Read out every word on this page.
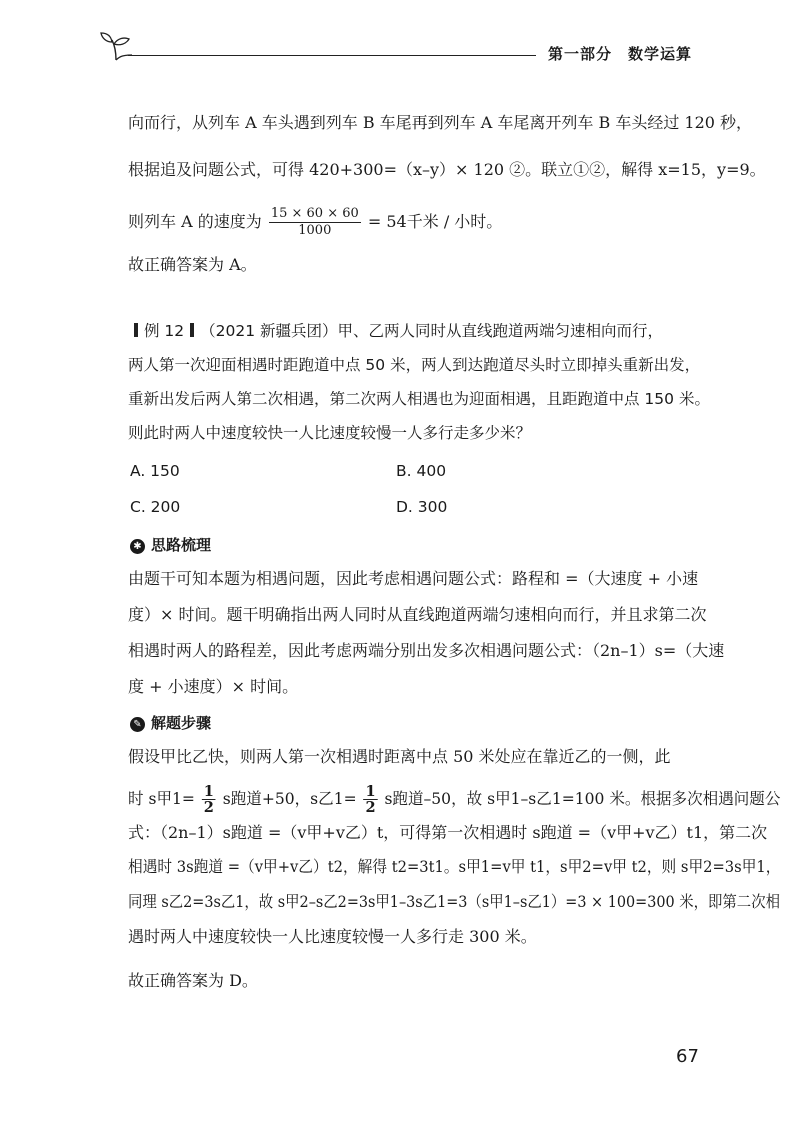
第一部分　数学运算
向而行，从列车 A 车头遇到列车 B 车尾再到列车 A 车尾离开列车 B 车头经过 120 秒，
根据追及问题公式，可得 420+300=（x–y）× 120 ②。联立①②，解得 x=15，y=9。
则列车 A 的速度为 $\frac{15 \times 60 \times 60}{1000} = 54$千米 / 小时。
故正确答案为 A。
例 12 （2021 新疆兵团）甲、乙两人同时从直线跑道两端匀速相向而行，
两人第一次迎面相遇时距跑道中点 50 米，两人到达跑道尽头时立即掉头重新出发，
重新出发后两人第二次相遇，第二次两人相遇也为迎面相遇，且距跑道中点 150 米。
则此时两人中速度较快一人比速度较慢一人多行走多少米？
A. 150	B. 400
C. 200	D. 300
✱ 思路梳理
由题干可知本题为相遇问题，因此考虑相遇问题公式：路程和 =（大速度 + 小速
度）× 时间。题干明确指出两人同时从直线跑道两端匀速相向而行，并且求第二次
相遇时两人的路程差，因此考虑两端分别出发多次相遇问题公式：（2n–1）s=（大速
度 + 小速度）× 时间。
✎ 解题步骤
假设甲比乙快，则两人第一次相遇时距离中点 50 米处应在靠近乙的一侧，此
时 s甲$1= \frac{1}{2}$ s跑道+50，s乙$1= \frac{1}{2}$ s跑道–50，故 s甲1–s乙1=100 米。根据多次相遇问题公
式：（2n–1）s跑道 =（v甲+v乙）t，可得第一次相遇时 s跑道 =（v甲+v乙）t1，第二次
相遇时 3s跑道 =（v甲+v乙）t2，解得 t2=3t1。s甲1=v甲 t1，s甲2=v甲 t2，则 s甲2=3s甲1，
同理 s乙2=3s乙1，故 s甲2–s乙2=3s甲1–3s乙1=3（s甲1–s乙1）=3 × 100=300 米，即第二次相
遇时两人中速度较快一人比速度较慢一人多行走 300 米。
故正确答案为 D。
67
